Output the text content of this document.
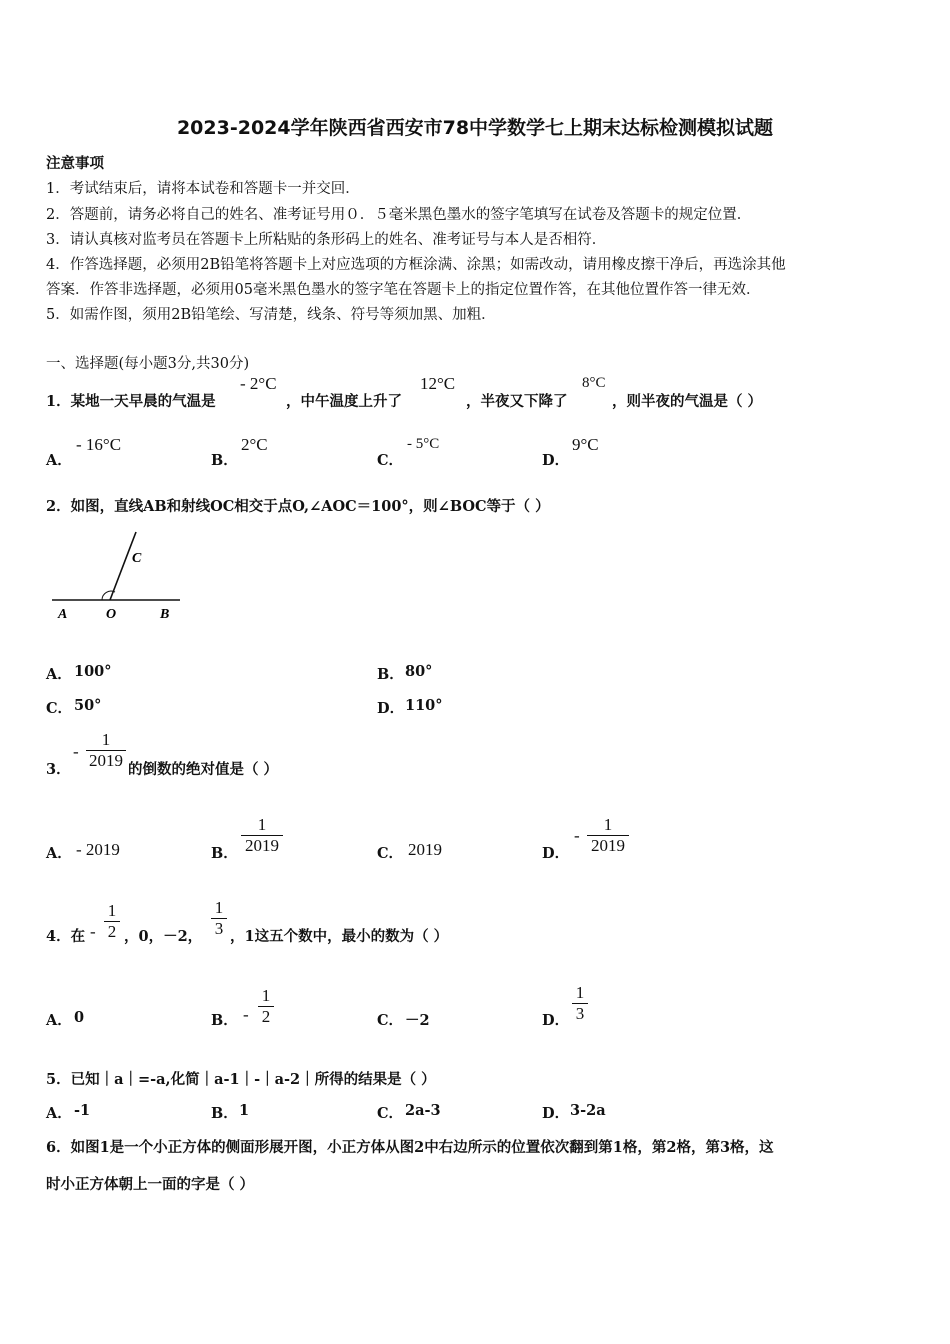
2023-2024学年陕西省西安市78中学数学七上期末达标检测模拟试题
注意事项
1．考试结束后，请将本试卷和答题卡一并交回．
2．答题前，请务必将自己的姓名、准考证号用０．５毫米黑色墨水的签字笔填写在试卷及答题卡的规定位置．
3．请认真核对监考员在答题卡上所粘贴的条形码上的姓名、准考证号与本人是否相符．
4．作答选择题，必须用2B铅笔将答题卡上对应选项的方框涂满、涂黑；如需改动，请用橡皮擦干净后，再选涂其他
答案．作答非选择题，必须用05毫米黑色墨水的签字笔在答题卡上的指定位置作答，在其他位置作答一律无效．
5．如需作图，须用2B铅笔绘、写清楚，线条、符号等须加黑、加粗．
一、选择题(每小题3分,共30分)
1．某地一天早晨的气温是
- 2°C
，中午温度上升了
12°C
，半夜又下降了
8°C
，则半夜的气温是（ ）
A．
- 16°C
B．
2°C
C．
- 5°C
D．
9°C
2．如图，直线AB和射线OC相交于点O,∠AOC＝100°，则∠BOC等于（ ）
A	O	B
C
A． 100°	B． 80°
C． 50°	D． 110°
3．
-
1
2019 的倒数的绝对值是（ ）
A． - 2019	B．
1
2019	C． 2019	D．
-
1
2019
4．在 -
1
2 ，0，－2，
1
3 ，1这五个数中，最小的数为（ ）
A． 0	B． -
1
2	C． －2	D．
1
3
5．已知｜a｜=-a,化简｜a-1｜-｜a-2｜所得的结果是（ ）
A． -1	B． 1	C． 2a-3	D． 3-2a
6．如图1是一个小正方体的侧面形展开图，小正方体从图2中右边所示的位置依次翻到第1格，第2格，第3格，这
时小正方体朝上一面的字是（ ）
